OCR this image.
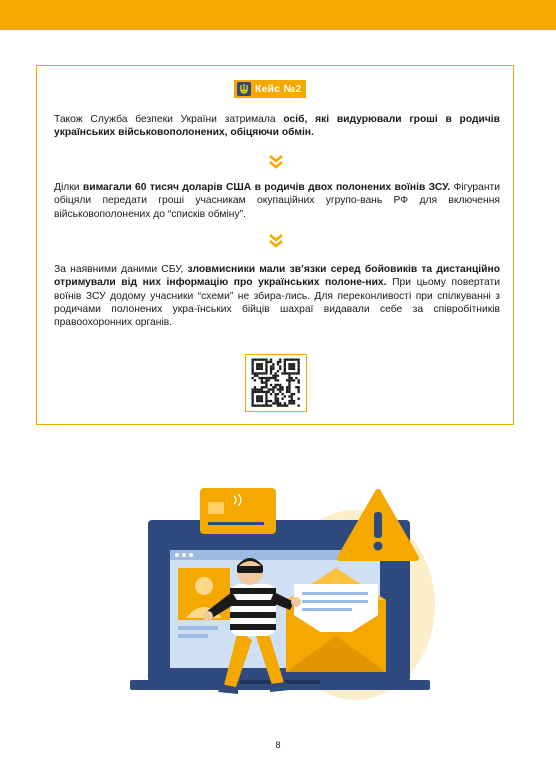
Кейс №2

Також Служба безпеки України затримала осіб, які видурювали гроші в родичів українських військовополонених, обіцяючи обмін.

Ділки вимагали 60 тисяч доларів США в родичів двох полонених воїнів ЗСУ. Фігуранти обіцяли передати гроші учасникам окупаційних угрупо-вань РФ для включення військовополонених до “списків обміну”.

За наявними даними СБУ, зловмисники мали зв’язки серед бойовиків та дистанційно отримували від них інформацію про українських полоне-них. При цьому повертати воїнів ЗСУ додому учасники “схеми” не збира-лись. Для переконливості при спілкуванні з родичами полонених укра-їнських бійців шахраї видавали себе за співробітників правоохоронних органів.

8
